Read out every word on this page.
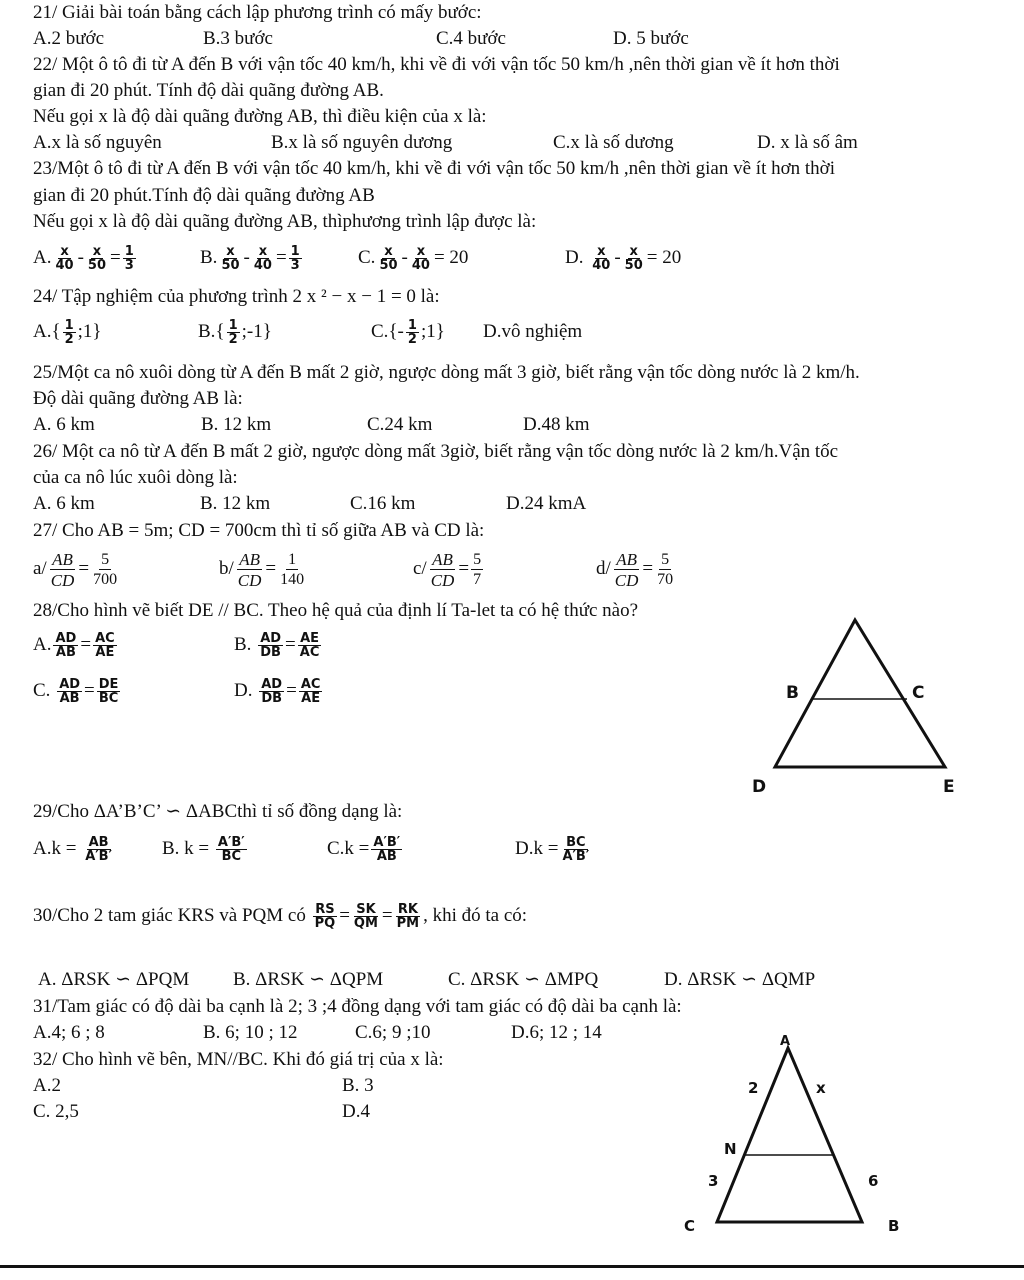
21/ Giải bài toán bằng cách lập phương trình có mấy bước:
A.2 bước	B.3 bước	C.4 bước	D. 5 bước
22/ Một ô tô đi từ A đến B với vận tốc 40 km/h, khi về đi với vận tốc 50 km/h ,nên thời gian về ít hơn thời
gian đi 20 phút. Tính độ dài quãng đường AB.
Nếu gọi x là độ dài quãng đường AB, thì điều kiện của x là:
A.x là số nguyên	B.x là số nguyên dương	C.x là số dương	D. x là số âm
23/Một ô tô đi từ A đến B với vận tốc 40 km/h, khi về đi với vận tốc 50 km/h ,nên thời gian về ít hơn thời
gian đi 20 phút.Tính độ dài quãng đường AB
Nếu gọi x là độ dài quãng đường AB, thìphương trình lập được là:
A. $\frac{x}{40} - \frac{x}{50} = \frac{1}{3}$	B. $\frac{x}{50} - \frac{x}{40} = \frac{1}{3}$	C. $\frac{x}{50} - \frac{x}{40} = 20$	D. $\frac{x}{40} - \frac{x}{50} = 20$
24/ Tập nghiệm của phương trình 2 x ² − x − 1 = 0 là:
$A.\{ \frac{1}{2}$ ;1}	$B.\{ \frac{1}{2}$ ;-1}	$C.\{- \frac{1}{2}$ ;1} D.vô nghiệm
25/Một ca nô xuôi dòng từ A đến B mất 2 giờ, ngược dòng mất 3 giờ, biết rằng vận tốc dòng nước là 2 km/h.
Độ dài quãng đường AB là:
A. 6 km	B. 12 km	C.24 km	D.48 km
26/ Một ca nô từ A đến B mất 2 giờ, ngược dòng mất 3giờ, biết rằng vận tốc dòng nước là 2 km/h.Vận tốc
của ca nô lúc xuôi dòng là:
A. 6 km	B. 12 km	C.16 km	D.24 kmA
27/ Cho AB = 5m; CD = 700cm thì tỉ số giữa AB và CD là:
$a/ \frac{AB}{CD} = \frac{5}{700}$	$b/ \frac{AB}{CD} = \frac{1}{140}$	$c/ \frac{AB}{CD} = \frac{5}{7}$	$d/ \frac{AB}{CD} = \frac{5}{70}$
28/Cho hình vẽ biết DE // BC. Theo hệ quả của định lí Ta-let ta có hệ thức nào?
A. $\frac{AD}{AB} = \frac{AC}{AE}$	B. $\frac{AD}{DB} = \frac{AE}{AC}$
C. $\frac{AD}{AB} = \frac{DE}{BC}$	D. $\frac{AD}{DB} = \frac{AC}{AE}$	B	C
D	E
29/Cho ΔA’B’C’ ∽ ΔABCthì tỉ số đồng dạng là:
$A.k = \frac{AB}{A'B'}$	B. $k = \frac{A'B'}{BC}$	$C.k = \frac{A'B'}{AB}$	$D.k = \frac{BC}{A'B'}$
30/Cho 2 tam giác KRS và PQM có $\frac{RS}{PQ} = \frac{SK}{QM} = \frac{RK}{PM}$ , khi đó ta có:
A. ΔRSK ∽ ΔPQM B. ΔRSK ∽ ΔQPM	C. ΔRSK ∽ ΔMPQ	D. ΔRSK ∽ ΔQMP
31/Tam giác có độ dài ba cạnh là 2; 3 ;4 đồng dạng với tam giác có độ dài ba cạnh là:
A.4; 6 ; 8	B. 6; 10 ; 12	C.6; 9 ;10	D.6; 12 ; 14
32/ Cho hình vẽ bên, MN//BC. Khi đó giá trị của x là:
A.2	B. 3
C. 2,5	D.4
A
2	x
N
3	6
C	B
